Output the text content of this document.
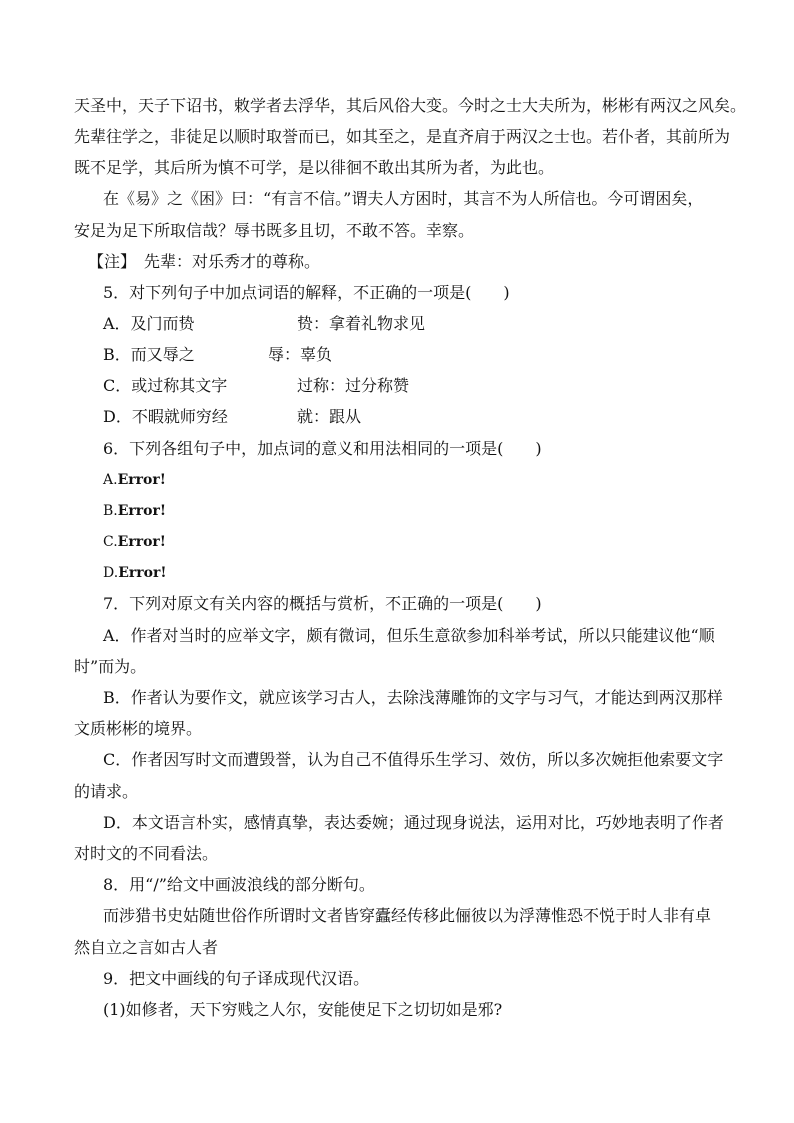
天圣中，天子下诏书，敕学者去浮华，其后风俗大变。今时之士大夫所为，彬彬有两汉之风矣。
先辈往学之，非徒足以顺时取誉而已，如其至之，是直齐肩于两汉之士也。若仆者，其前所为
既不足学，其后所为慎不可学，是以徘徊不敢出其所为者，为此也。
在《易》之《困》曰：“有言不信。”谓夫人方困时，其言不为人所信也。今可谓困矣，
安足为足下所取信哉？辱书既多且切，不敢不答。幸察。
【注】　先辈：对乐秀才的尊称。
5．对下列句子中加点词语的解释，不正确的一项是(　　)
A．及门而贽	贽：拿着礼物求见
B．而又辱之	辱：辜负
C．或过称其文字	过称：过分称赞
D．不暇就师穷经	就：跟从
6．下列各组句子中，加点词的意义和用法相同的一项是(　　)
A.Error!
B.Error!
C.Error!
D.Error!
7．下列对原文有关内容的概括与赏析，不正确的一项是(　　)
A．作者对当时的应举文字，颇有微词，但乐生意欲参加科举考试，所以只能建议他“顺
时”而为。
B．作者认为要作文，就应该学习古人，去除浅薄雕饰的文字与习气，才能达到两汉那样
文质彬彬的境界。
C．作者因写时文而遭毁誉，认为自己不值得乐生学习、效仿，所以多次婉拒他索要文字
的请求。
D．本文语言朴实，感情真挚，表达委婉；通过现身说法，运用对比，巧妙地表明了作者
对时文的不同看法。
8．用“/”给文中画波浪线的部分断句。
而涉猎书史姑随世俗作所谓时文者皆穿蠹经传移此俪彼以为浮薄惟恐不悦于时人非有卓
然自立之言如古人者
9．把文中画线的句子译成现代汉语。
(1)如修者，天下穷贱之人尔，安能使足下之切切如是邪?
